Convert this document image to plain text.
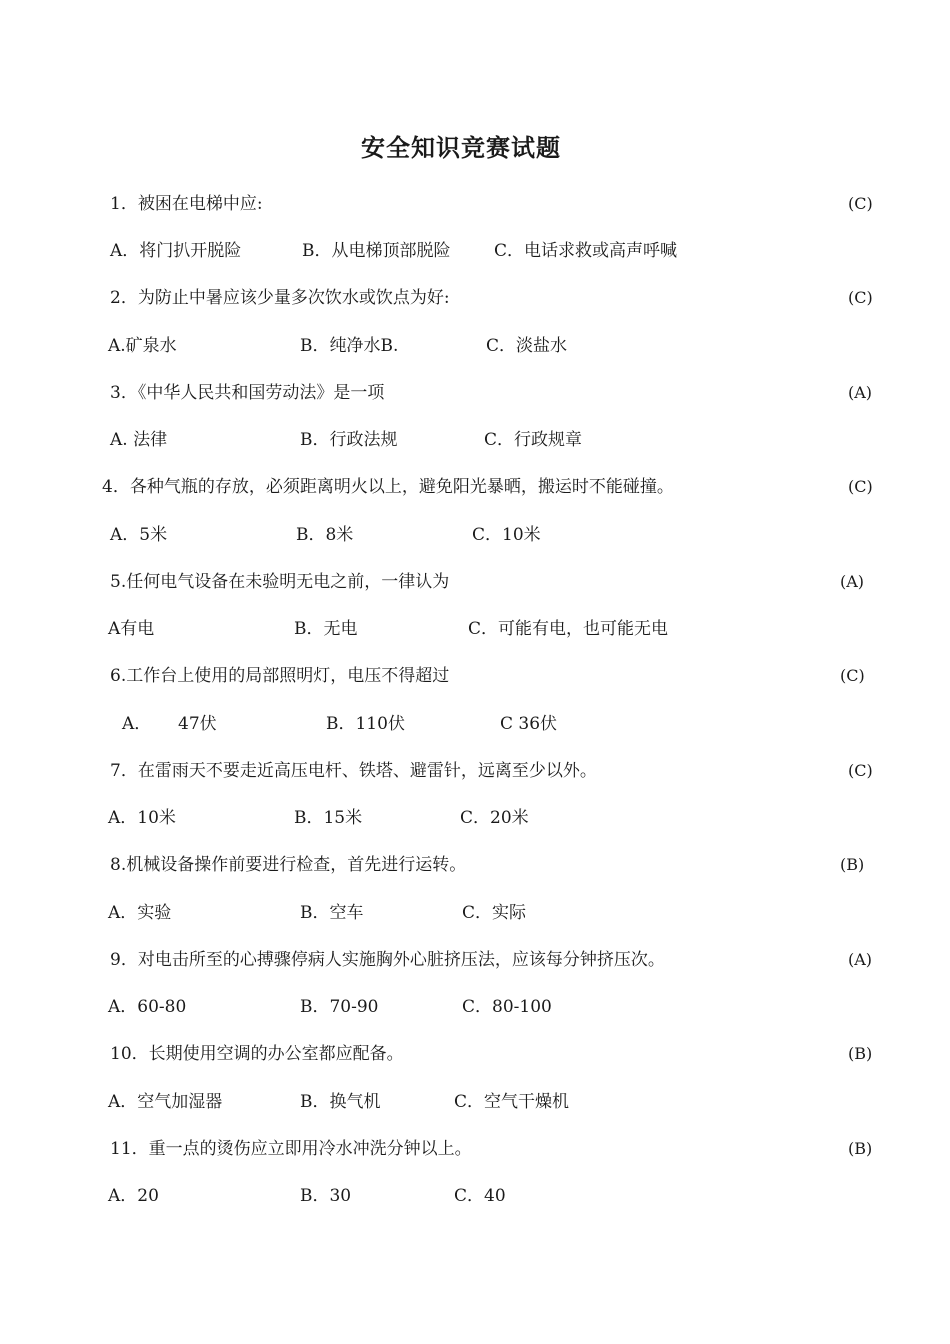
安全知识竞赛试题
1．被困在电梯中应:	(C)
A．将门扒开脱险	B．从电梯顶部脱险	C．电话求救或高声呼喊
2．为防止中暑应该少量多次饮水或饮点为好:	(C)
A.矿泉水	B．纯净水B.	C．淡盐水
3．《中华人民共和国劳动法》是一项	(A)
A. 法律	B．行政法规	C．行政规章
4．各种气瓶的存放，必须距离明火以上，避免阳光暴晒，搬运时不能碰撞。	(C)
A．5米	B．8米	C．10米
5.任何电气设备在未验明无电之前，一律认为	(A)
A有电	B．无电	C．可能有电，也可能无电
6.工作台上使用的局部照明灯，电压不得超过	(C)
A． 47伏	B．110伏	C 36伏
7．在雷雨天不要走近高压电杆、铁塔、避雷针，远离至少以外。	(C)
A．10米	B．15米	C．20米
8.机械设备操作前要进行检查，首先进行运转。	(B)
A．实验	B．空车	C．实际
9．对电击所至的心搏骤停病人实施胸外心脏挤压法，应该每分钟挤压次。	(A)
A．60-80	B．70-90	C．80-100
10．长期使用空调的办公室都应配备。	(B)
A．空气加湿器	B．换气机	C．空气干燥机
11．重一点的烫伤应立即用冷水冲洗分钟以上。	(B)
A．20	B．30	C．40
